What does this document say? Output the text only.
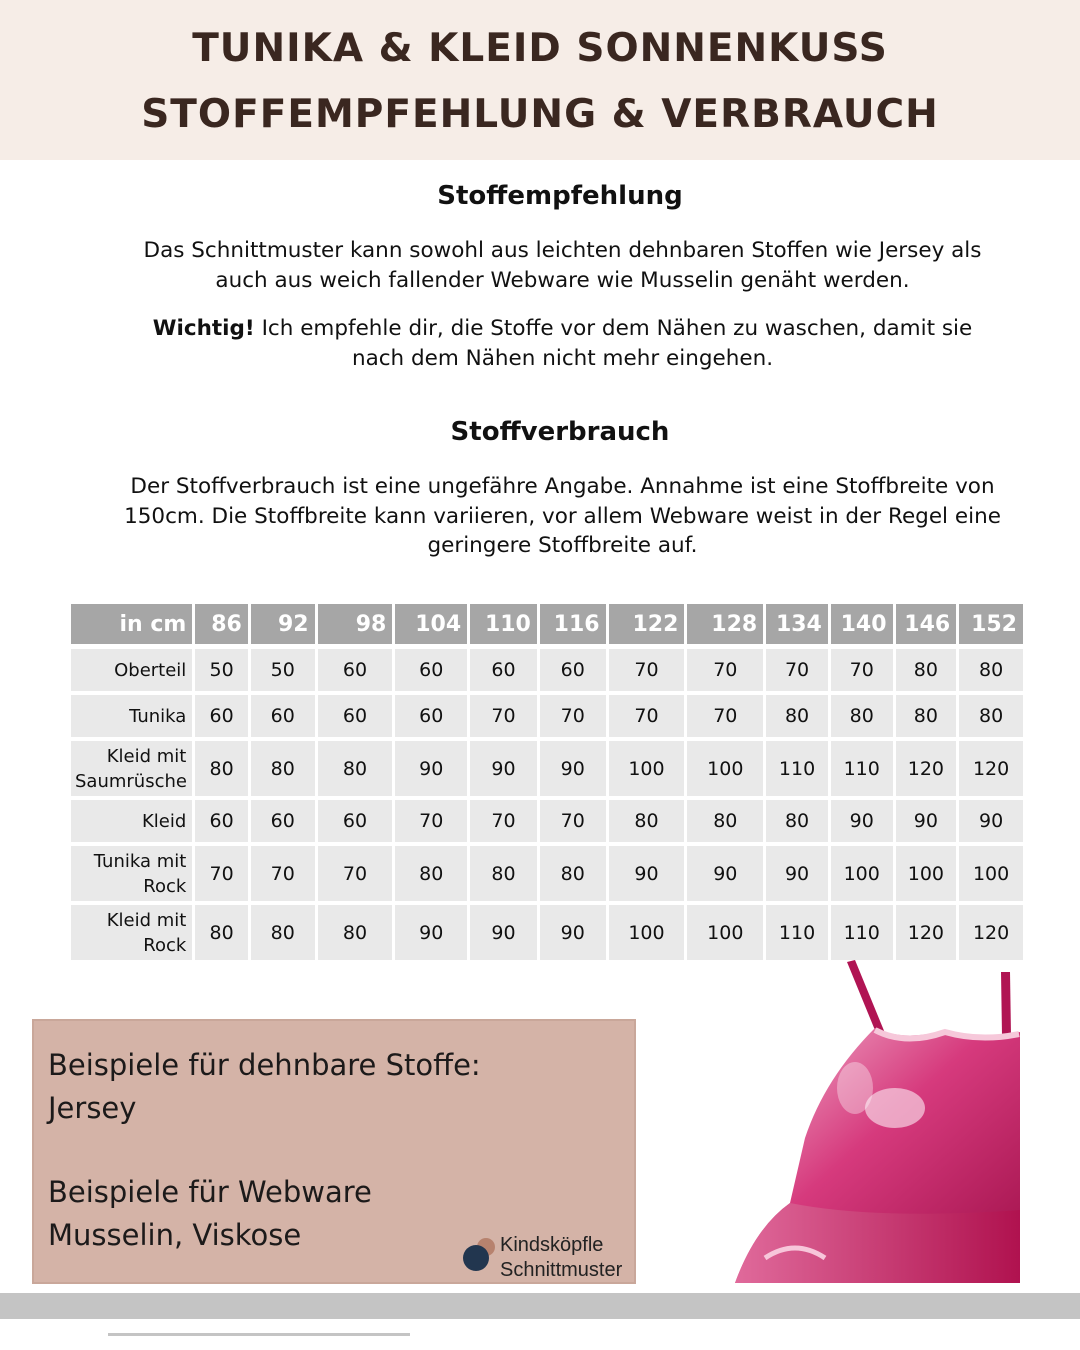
TUNIKA & KLEID SONNENKUSS
STOFFEMPFEHLUNG & VERBRAUCH
Stoffempfehlung
Das Schnittmuster kann sowohl aus leichten dehnbaren Stoffen wie Jersey als auch aus weich fallender Webware wie Musselin genäht werden.
Wichtig! Ich empfehle dir, die Stoffe vor dem Nähen zu waschen, damit sie nach dem Nähen nicht mehr eingehen.
Stoffverbrauch
Der Stoffverbrauch ist eine ungefähre Angabe. Annahme ist eine Stoffbreite von 150cm. Die Stoffbreite kann variieren, vor allem Webware weist in der Regel eine geringere Stoffbreite auf.
in cm	86	92	98	104	110	116	122	128	134	140	146	152
Oberteil	50	50	60	60	60	60	70	70	70	70	80	80
Tunika	60	60	60	60	70	70	70	70	80	80	80	80
Kleid mit Saumrüsche	80	80	80	90	90	90	100	100	110	110	120	120
Kleid	60	60	60	70	70	70	80	80	80	90	90	90
Tunika mit Rock	70	70	70	80	80	80	90	90	90	100	100	100
Kleid mit Rock	80	80	80	90	90	90	100	100	110	110	120	120
Beispiele für dehnbare Stoffe:
Jersey
Beispiele für Webware
Musselin, Viskose	Kindsköpfle
Schnittmuster
